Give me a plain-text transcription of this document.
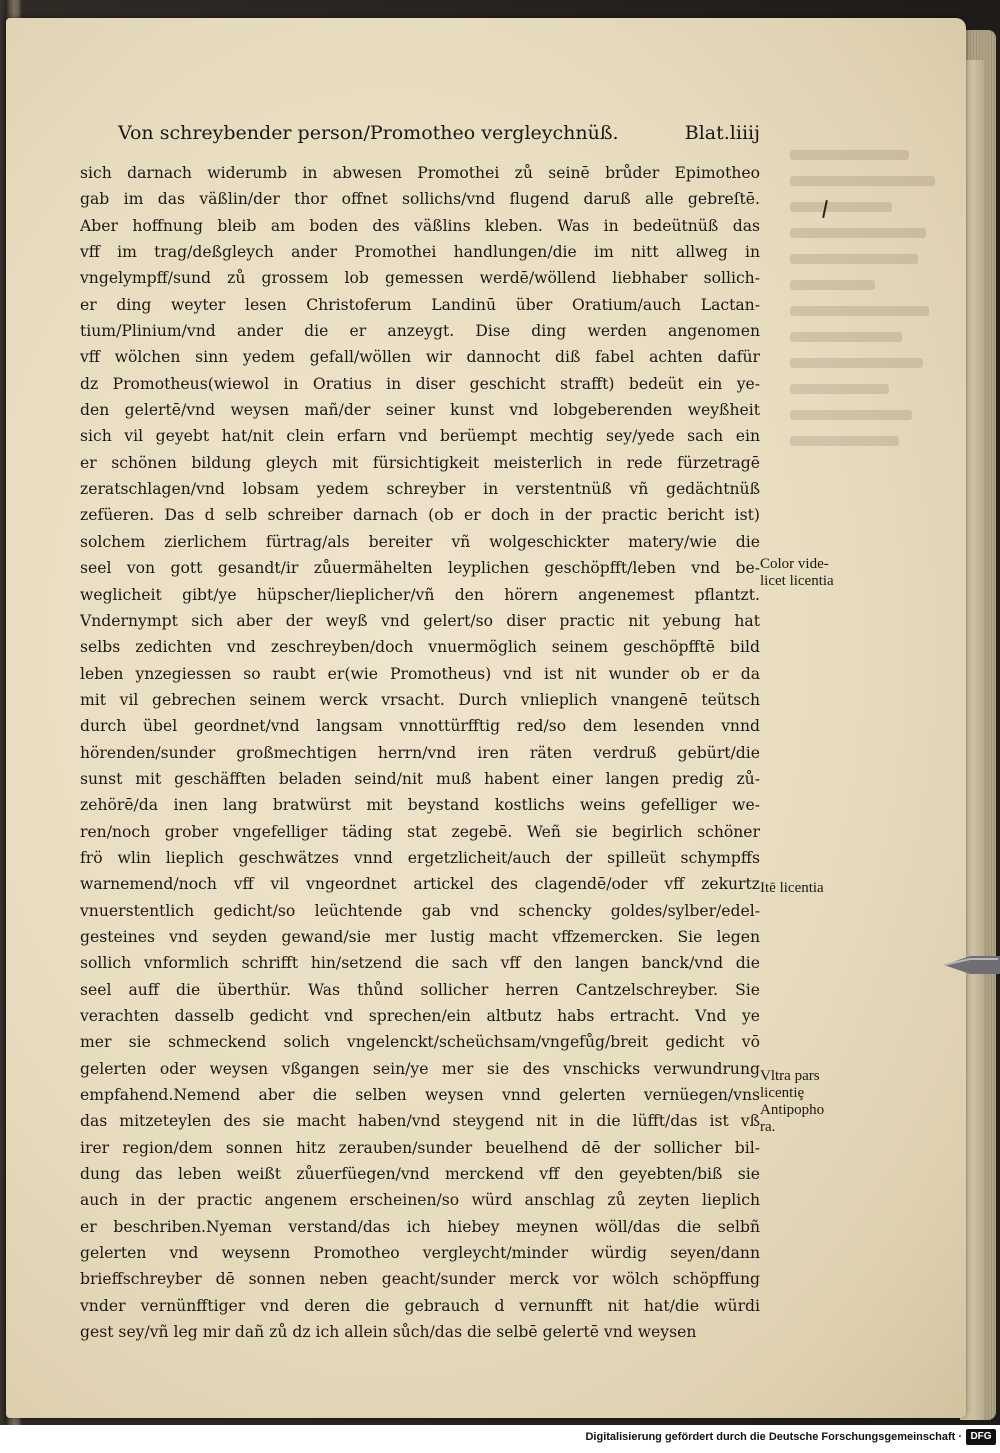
Von schreybender person/Promotheo vergleychnüß.	Blat.liiij
sich darnach widerumb in abwesen Promothei zů seinē brůder Epimotheo
gab im das väßlin/der thor offnet sollichs/vnd flugend daruß alle gebreſtē.
Aber hoffnung bleib am boden des väßlins kleben. Was in bedeütnüß das
vff im trag/deßgleych ander Promothei handlungen/die im nitt allweg in
vngelympff/sund zů grossem lob gemessen werdē/wöllend liebhaber sollich-
er ding weyter lesen Christoferum Landinū über Oratium/auch Lactan-
tium/Plinium/vnd ander die er anzeygt. Dise ding werden angenomen
vff wölchen sinn yedem gefall/wöllen wir dannocht diß fabel achten dafür
dz Promotheus(wiewol in Oratius in diser geschicht strafft) bedeüt ein ye-
den gelertē/vnd weysen mañ/der seiner kunst vnd lobgeberenden weyßheit
sich vil geyebt hat/nit clein erfarn vnd berüempt mechtig sey/yede sach ein
er schönen bildung gleych mit fürsichtigkeit meisterlich in rede fürzetragē
zeratschlagen/vnd lobsam yedem schreyber in verstentnüß vñ gedächtnüß
zefüeren. Das d selb schreiber darnach (ob er doch in der practic bericht ist)
solchem zierlichem fürtrag/als bereiter vñ wolgeschickter matery/wie die
seel von gott gesandt/ir zůuermähelten leyplichen geschöpfft/leben vnd be-
weglicheit gibt/ye hüpscher/lieplicher/vñ den hörern angenemest pflantzt.
Vndernympt sich aber der weyß vnd gelert/so diser practic nit yebung hat
selbs zedichten vnd zeschreyben/doch vnuermöglich seinem geschöpfftē bild
leben ynzegiessen so raubt er(wie Promotheus) vnd ist nit wunder ob er da
mit vil gebrechen seinem werck vrsacht. Durch vnlieplich vnangenē teütsch
durch übel geordnet/vnd langsam vnnottürfftig red/so dem lesenden vnnd
hörenden/sunder großmechtigen herrn/vnd iren räten verdruß gebürt/die
sunst mit geschäfften beladen seind/nit muß habent einer langen predig zů-
zehörē/da inen lang bratwürst mit beystand kostlichs weins gefelliger we-
ren/noch grober vngefelliger täding stat zegebē. Weñ sie begirlich schöner
frö wlin lieplich geschwätzes vnnd ergetzlicheit/auch der spilleüt schympffs
warnemend/noch vff vil vngeordnet artickel des clagendē/oder vff zekurtz
vnuerstentlich gedicht/so leüchtende gab vnd schencky goldes/sylber/edel-
gesteines vnd seyden gewand/sie mer lustig macht vffzemercken. Sie legen
sollich vnformlich schrifft hin/setzend die sach vff den langen banck/vnd die
seel auff die überthür. Was thůnd sollicher herren Cantzelschreyber. Sie
verachten dasselb gedicht vnd sprechen/ein altbutz habs ertracht. Vnd ye
mer sie schmeckend solich vngelenckt/scheüchsam/vngefůg/breit gedicht vō
gelerten oder weysen vßgangen sein/ye mer sie des vnschicks verwundrung
empfahend.Nemend aber die selben weysen vnnd gelerten vernüegen/vns
das mitzeteylen des sie macht haben/vnd steygend nit in die lüfft/das ist vß
irer region/dem sonnen hitz zerauben/sunder beuelhend dē der sollicher bil-
dung das leben weißt zůuerfüegen/vnd merckend vff den geyebten/biß sie
auch in der practic angenem erscheinen/so würd anschlag zů zeyten lieplich
er beschriben.Nyeman verstand/das ich hiebey meynen wöll/das die selbñ
gelerten vnd weysenn Promotheo vergleycht/minder würdig seyen/dann
brieffschreyber dē sonnen neben geacht/sunder merck vor wölch schöpffung
vnder vernünfftiger vnd deren die gebrauch d vernunfft nit hat/die würdi
gest sey/vñ leg mir dañ zů dz ich allein sůch/das die selbē gelertē vnd weysen
Color vide-
licet licentia
Itē licentia
Vltra pars
licentiȩ
Antipopho
ra.
Digitalisierung gefördert durch die Deutsche Forschungsgemeinschaft · DFG
